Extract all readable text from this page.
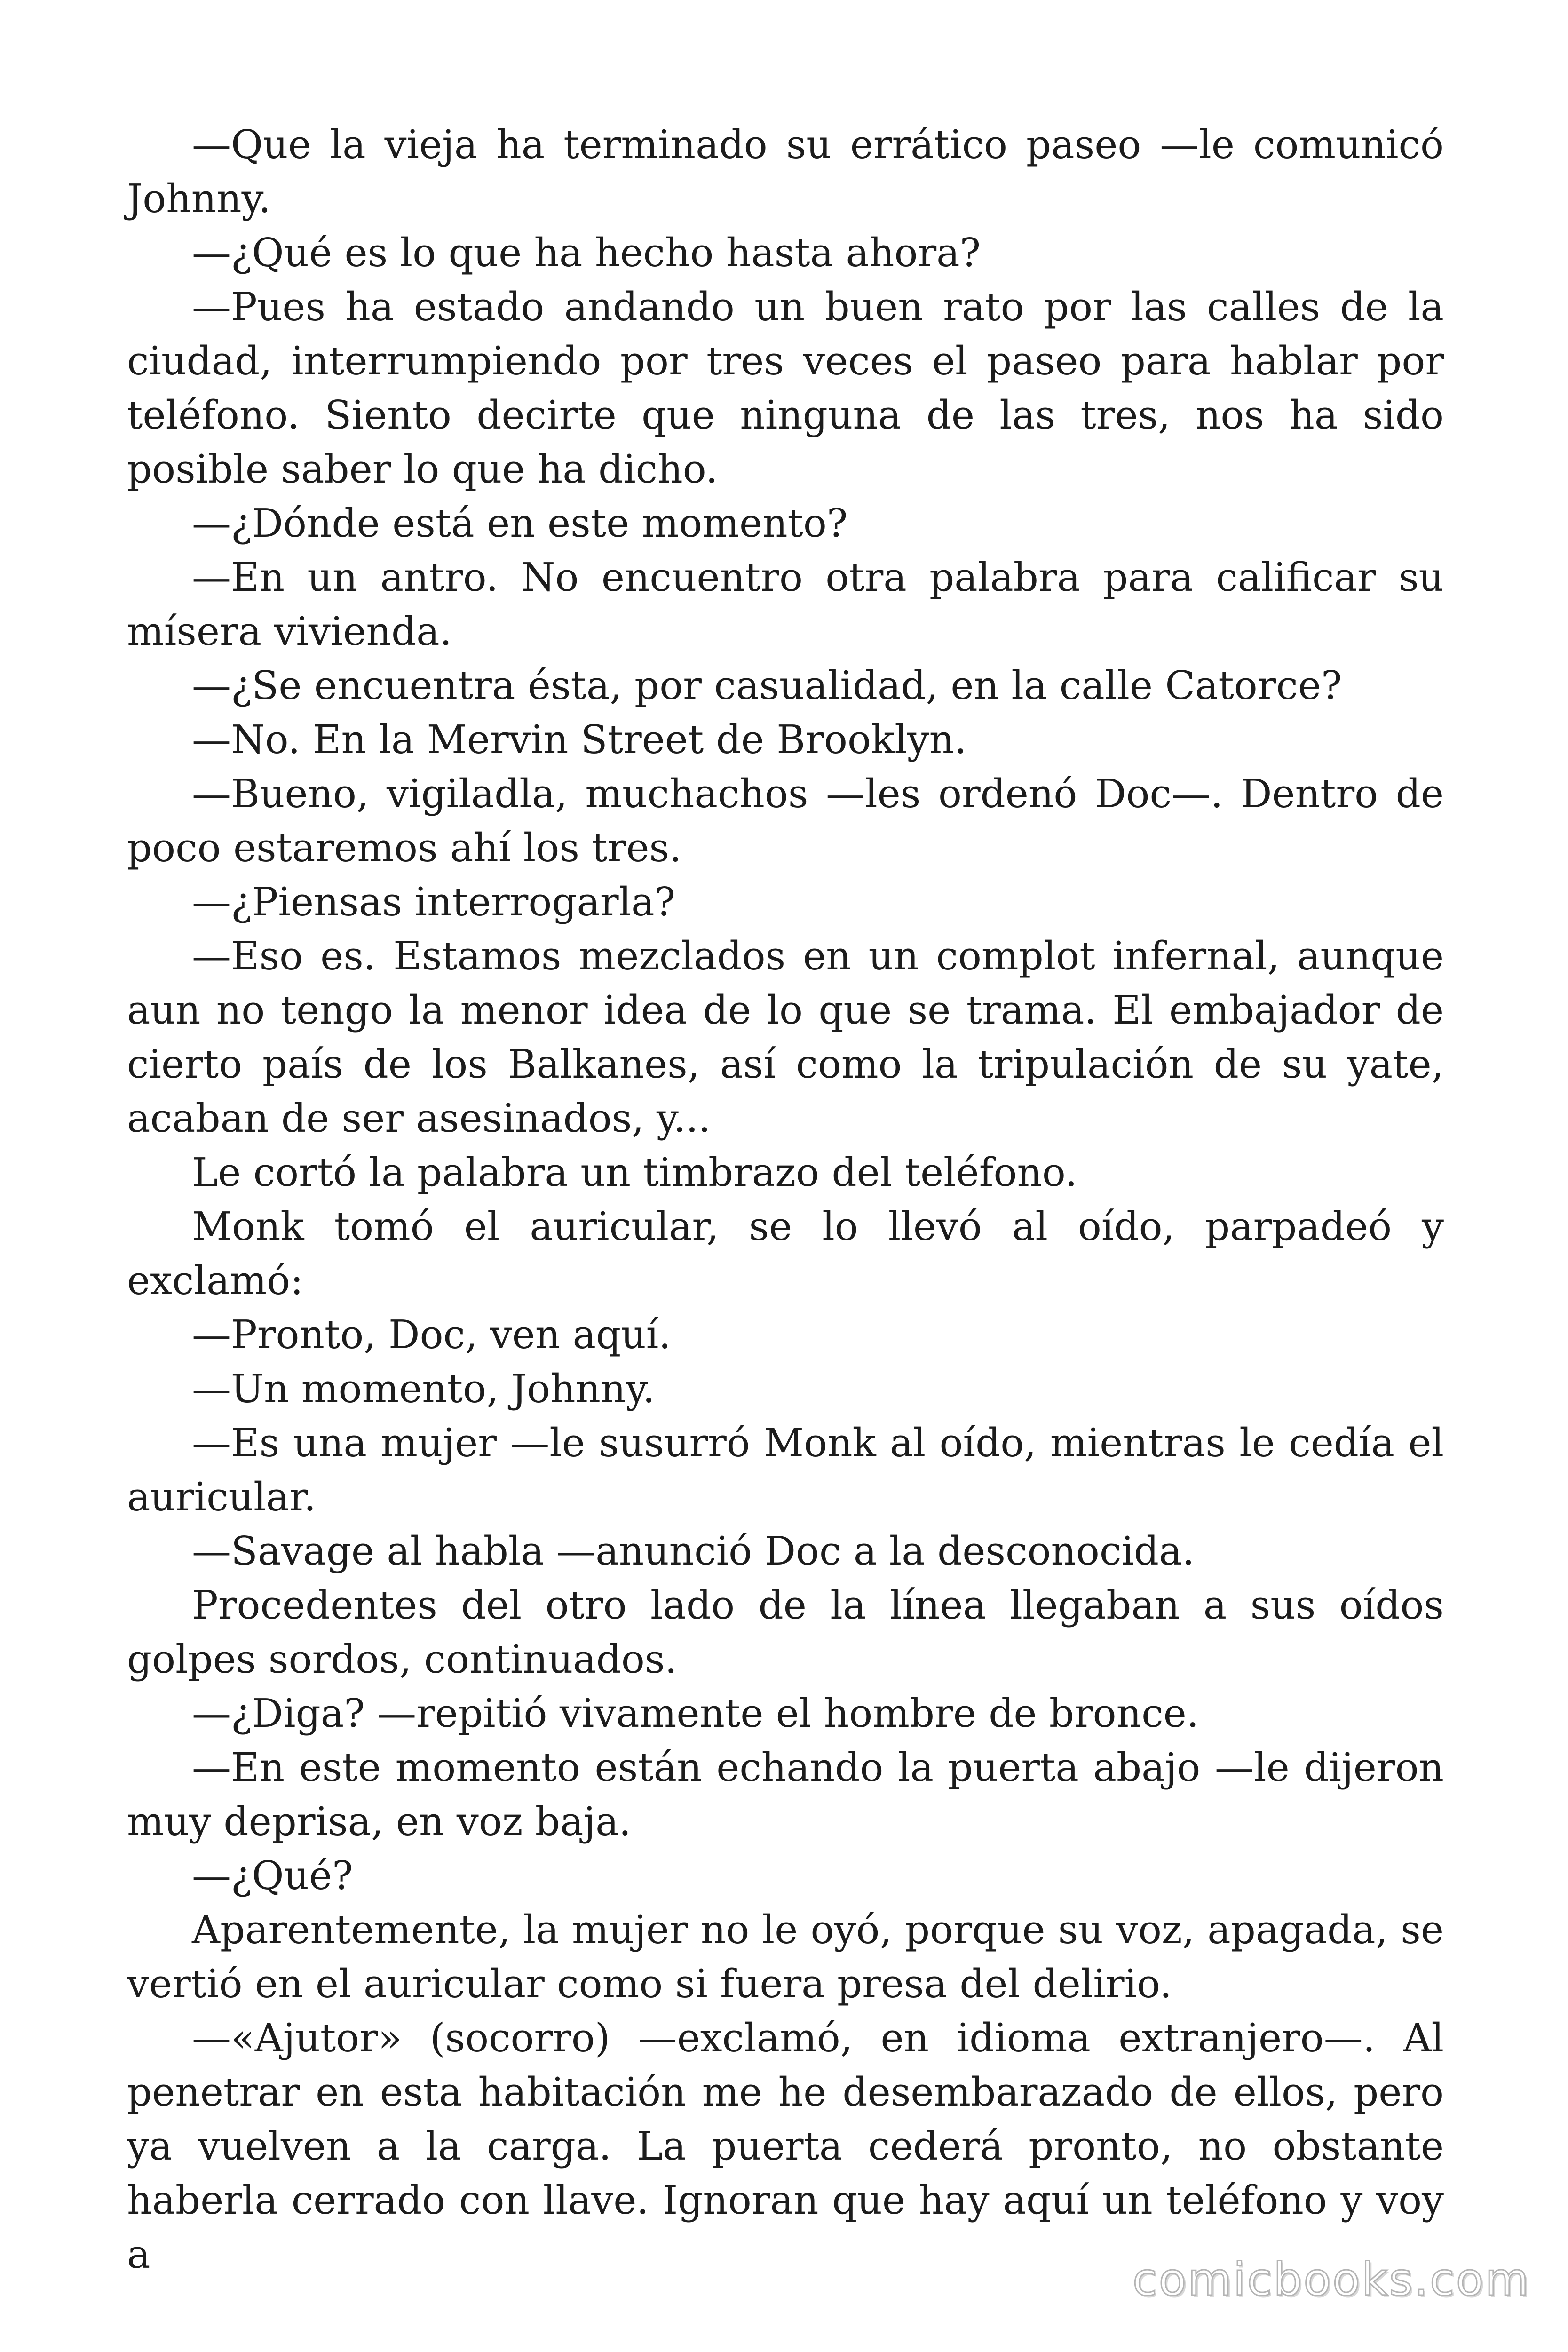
—Que la vieja ha terminado su errático paseo —le comunicó Johnny.

—¿Qué es lo que ha hecho hasta ahora?

—Pues ha estado andando un buen rato por las calles de la ciudad, interrumpiendo por tres veces el paseo para hablar por teléfono. Siento decirte que ninguna de las tres, nos ha sido posible saber lo que ha dicho.

—¿Dónde está en este momento?

—En un antro. No encuentro otra palabra para calificar su mísera vivienda.

—¿Se encuentra ésta, por casualidad, en la calle Catorce?

—No. En la Mervin Street de Brooklyn.

—Bueno, vigiladla, muchachos —les ordenó Doc—. Dentro de poco estaremos ahí los tres.

—¿Piensas interrogarla?

—Eso es. Estamos mezclados en un complot infernal, aunque aun no tengo la menor idea de lo que se trama. El embajador de cierto país de los Balkanes, así como la tripulación de su yate, acaban de ser asesinados, y...

Le cortó la palabra un timbrazo del teléfono.

Monk tomó el auricular, se lo llevó al oído, parpadeó y exclamó:

—Pronto, Doc, ven aquí.

—Un momento, Johnny.

—Es una mujer —le susurró Monk al oído, mientras le cedía el auricular.

—Savage al habla —anunció Doc a la desconocida.

Procedentes del otro lado de la línea llegaban a sus oídos golpes sordos, continuados.

—¿Diga? —repitió vivamente el hombre de bronce.

—En este momento están echando la puerta abajo —le dijeron muy deprisa, en voz baja.

—¿Qué?

Aparentemente, la mujer no le oyó, porque su voz, apagada, se vertió en el auricular como si fuera presa del delirio.

—«Ajutor» (socorro) —exclamó, en idioma extranjero—. Al penetrar en esta habitación me he desembarazado de ellos, pero ya vuelven a la carga. La puerta cederá pronto, no obstante haberla cerrado con llave. Ignoran que hay aquí un teléfono y voy a	comicbooks.com
